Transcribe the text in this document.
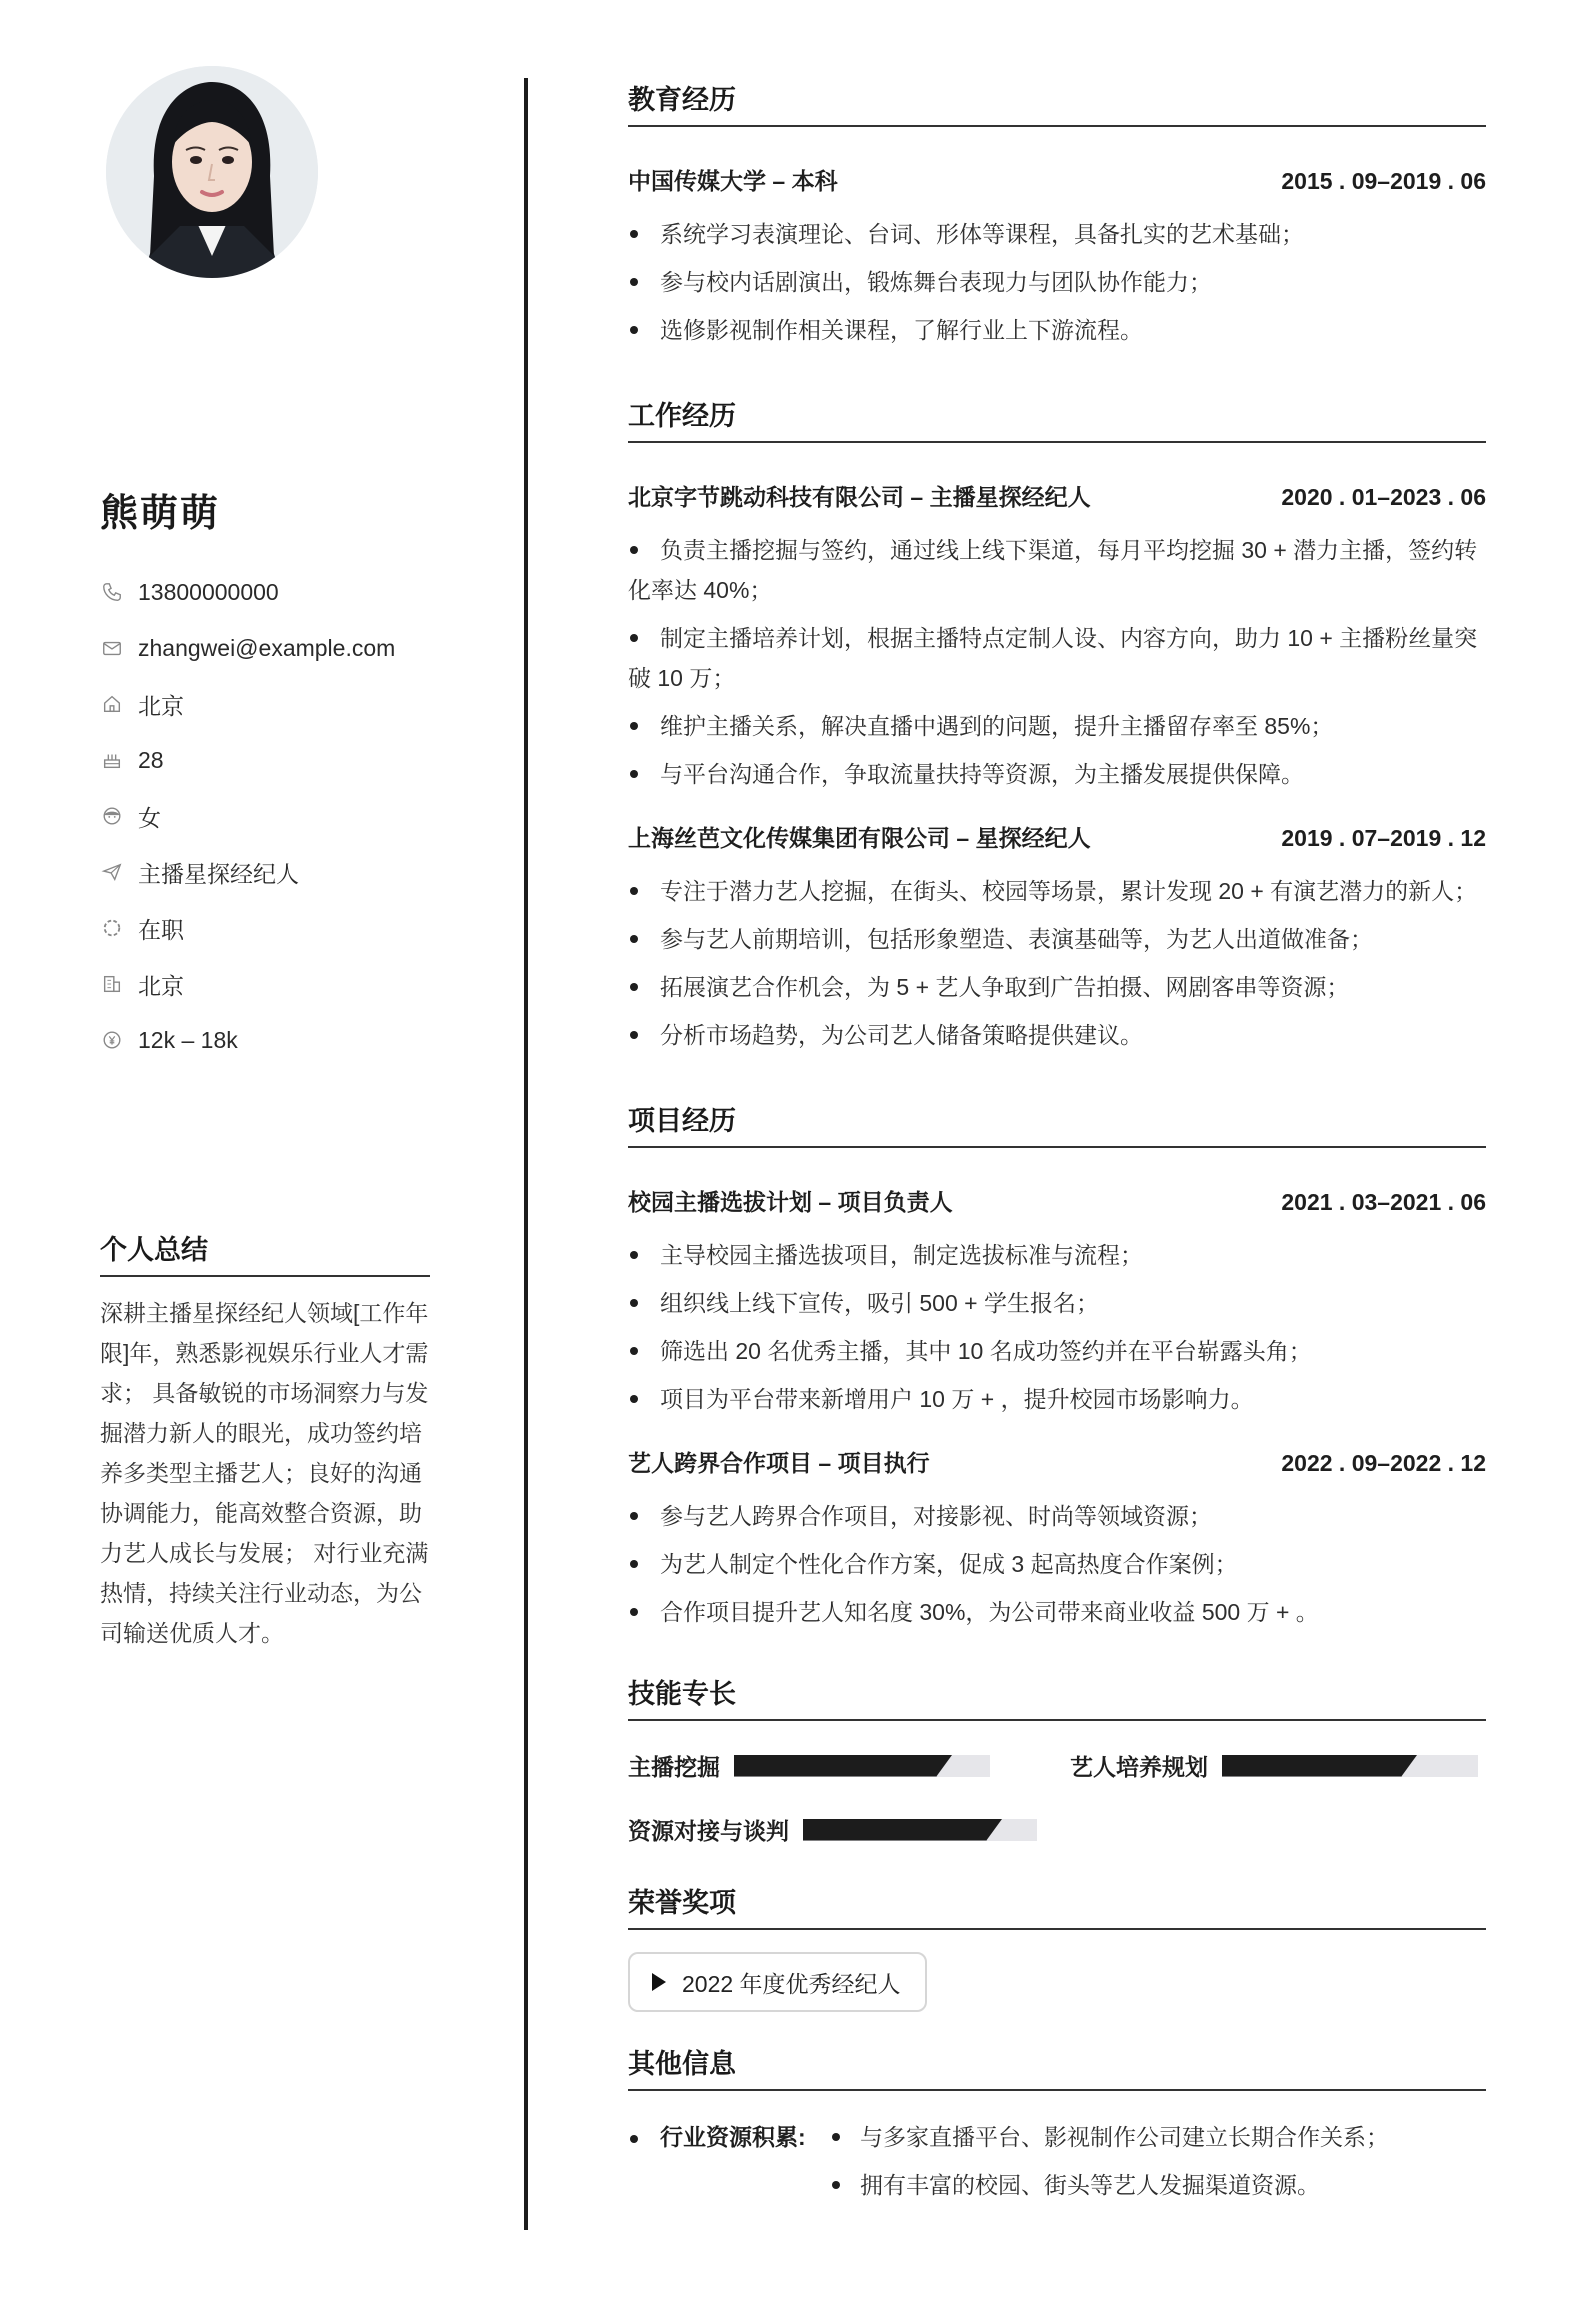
熊萌萌
13800000000
zhangwei@example.com
北京
28
女
主播星探经纪人
在职
北京
12k – 18k
个人总结
深耕主播星探经纪人领域[工作年限]年，熟悉影视娱乐行业人才需求； 具备敏锐的市场洞察力与发掘潜力新人的眼光，成功签约培养多类型主播艺人；良好的沟通协调能力，能高效整合资源，助力艺人成长与发展； 对行业充满热情，持续关注行业动态，为公司输送优质人才。
教育经历
中国传媒大学 – 本科	2015 . 09–2019 . 06
系统学习表演理论、台词、形体等课程，具备扎实的艺术基础；
参与校内话剧演出，锻炼舞台表现力与团队协作能力；
选修影视制作相关课程，了解行业上下游流程。
工作经历
北京字节跳动科技有限公司 – 主播星探经纪人	2020 . 01–2023 . 06
负责主播挖掘与签约，通过线上线下渠道，每月平均挖掘 30 + 潜力主播，签约转化率达 40%；
制定主播培养计划，根据主播特点定制人设、内容方向，助力 10 + 主播粉丝量突破 10 万；
维护主播关系，解决直播中遇到的问题，提升主播留存率至 85%；
与平台沟通合作，争取流量扶持等资源，为主播发展提供保障。
上海丝芭文化传媒集团有限公司 – 星探经纪人	2019 . 07–2019 . 12
专注于潜力艺人挖掘，在街头、校园等场景，累计发现 20 + 有演艺潜力的新人；
参与艺人前期培训，包括形象塑造、表演基础等，为艺人出道做准备；
拓展演艺合作机会，为 5 + 艺人争取到广告拍摄、网剧客串等资源；
分析市场趋势，为公司艺人储备策略提供建议。
项目经历
校园主播选拔计划 – 项目负责人	2021 . 03–2021 . 06
主导校园主播选拔项目，制定选拔标准与流程；
组织线上线下宣传，吸引 500 + 学生报名；
筛选出 20 名优秀主播，其中 10 名成功签约并在平台崭露头角；
项目为平台带来新增用户 10 万 + ，提升校园市场影响力。
艺人跨界合作项目 – 项目执行	2022 . 09–2022 . 12
参与艺人跨界合作项目，对接影视、时尚等领域资源；
为艺人制定个性化合作方案，促成 3 起高热度合作案例；
合作项目提升艺人知名度 30%，为公司带来商业收益 500 万 + 。
技能专长
主播挖掘	艺人培养规划
资源对接与谈判
荣誉奖项
2022 年度优秀经纪人
其他信息
行业资源积累:	与多家直播平台、影视制作公司建立长期合作关系；
拥有丰富的校园、街头等艺人发掘渠道资源。
